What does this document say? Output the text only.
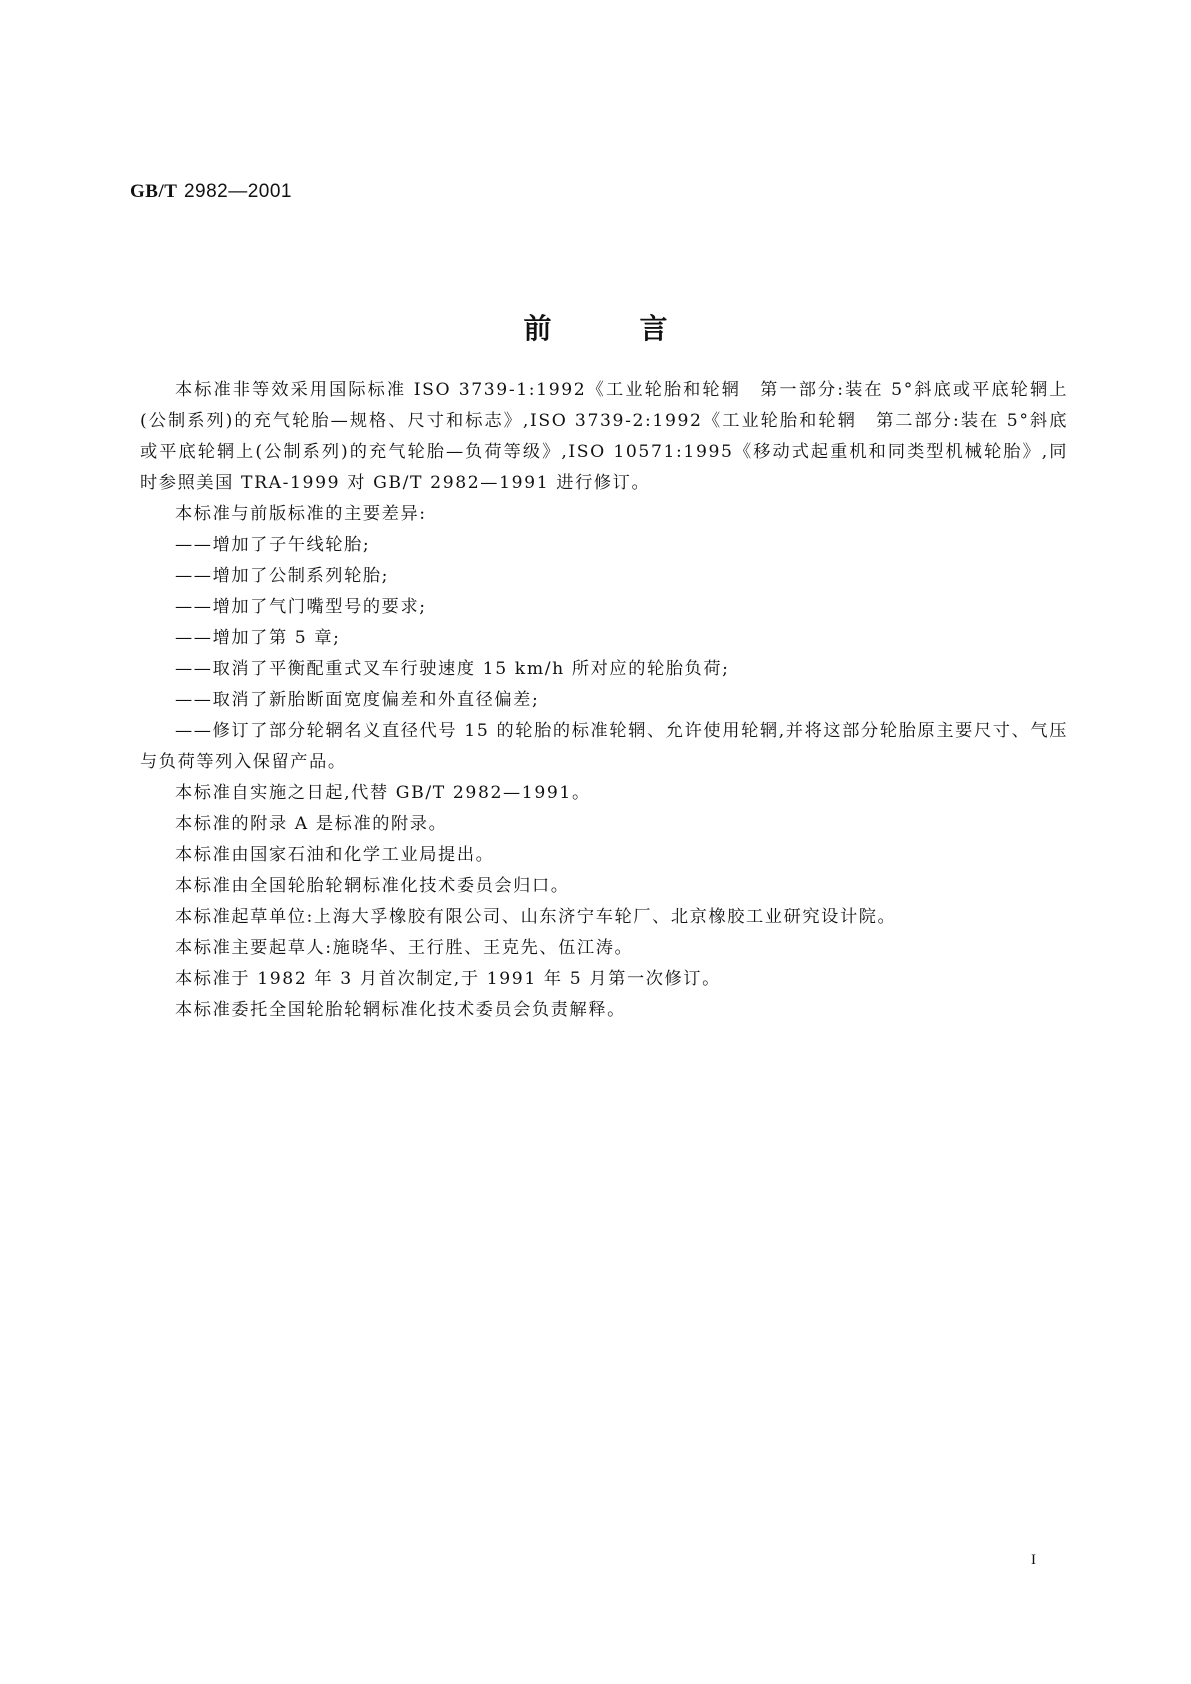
GB/T 2982—2001
前	言

本标准非等效采用国际标准 ISO 3739-1:1992《工业轮胎和轮辋　第一部分:装在 5°斜底或平底轮辋上(公制系列)的充气轮胎—规格、尺寸和标志》,ISO 3739-2:1992《工业轮胎和轮辋　第二部分:装在 5°斜底或平底轮辋上(公制系列)的充气轮胎—负荷等级》,ISO 10571:1995《移动式起重机和同类型机械轮胎》,同时参照美国 TRA-1999 对 GB/T 2982—1991 进行修订。

本标准与前版标准的主要差异:

——增加了子午线轮胎;

——增加了公制系列轮胎;

——增加了气门嘴型号的要求;

——增加了第 5 章;

——取消了平衡配重式叉车行驶速度 15 km/h 所对应的轮胎负荷;

——取消了新胎断面宽度偏差和外直径偏差;

——修订了部分轮辋名义直径代号 15 的轮胎的标准轮辋、允许使用轮辋,并将这部分轮胎原主要尺寸、气压与负荷等列入保留产品。

本标准自实施之日起,代替 GB/T 2982—1991。

本标准的附录 A 是标准的附录。

本标准由国家石油和化学工业局提出。

本标准由全国轮胎轮辋标准化技术委员会归口。

本标准起草单位:上海大孚橡胶有限公司、山东济宁车轮厂、北京橡胶工业研究设计院。

本标准主要起草人:施晓华、王行胜、王克先、伍江涛。

本标准于 1982 年 3 月首次制定,于 1991 年 5 月第一次修订。

本标准委托全国轮胎轮辋标准化技术委员会负责解释。

I
